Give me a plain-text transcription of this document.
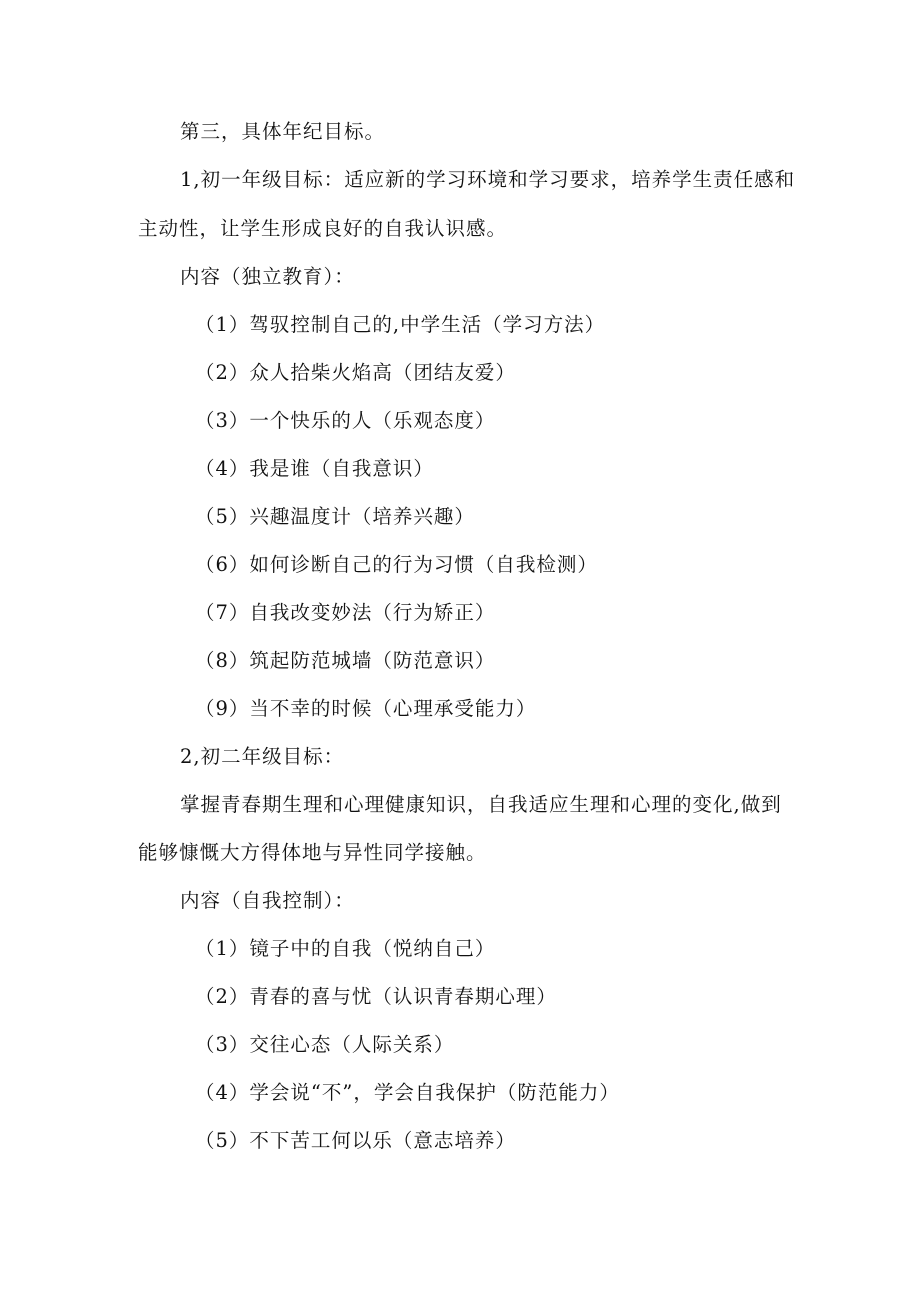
第三，具体年纪目标。
1,初一年级目标：适应新的学习环境和学习要求，培养学生责任感和
主动性，让学生形成良好的自我认识感。
内容（独立教育）：
（1）驾驭控制自己的,中学生活（学习方法）
（2）众人拾柴火焰高（团结友爱）
（3）一个快乐的人（乐观态度）
（4）我是谁（自我意识）
（5）兴趣温度计（培养兴趣）
（6）如何诊断自己的行为习惯（自我检测）
（7）自我改变妙法（行为矫正）
（8）筑起防范城墙（防范意识）
（9）当不幸的时候（心理承受能力）
2,初二年级目标：
掌握青春期生理和心理健康知识，自我适应生理和心理的变化,做到
能够慷慨大方得体地与异性同学接触。
内容（自我控制）：
（1）镜子中的自我（悦纳自己）
（2）青春的喜与忧（认识青春期心理）
（3）交往心态（人际关系）
（4）学会说“不”，学会自我保护（防范能力）
（5）不下苦工何以乐（意志培养）
